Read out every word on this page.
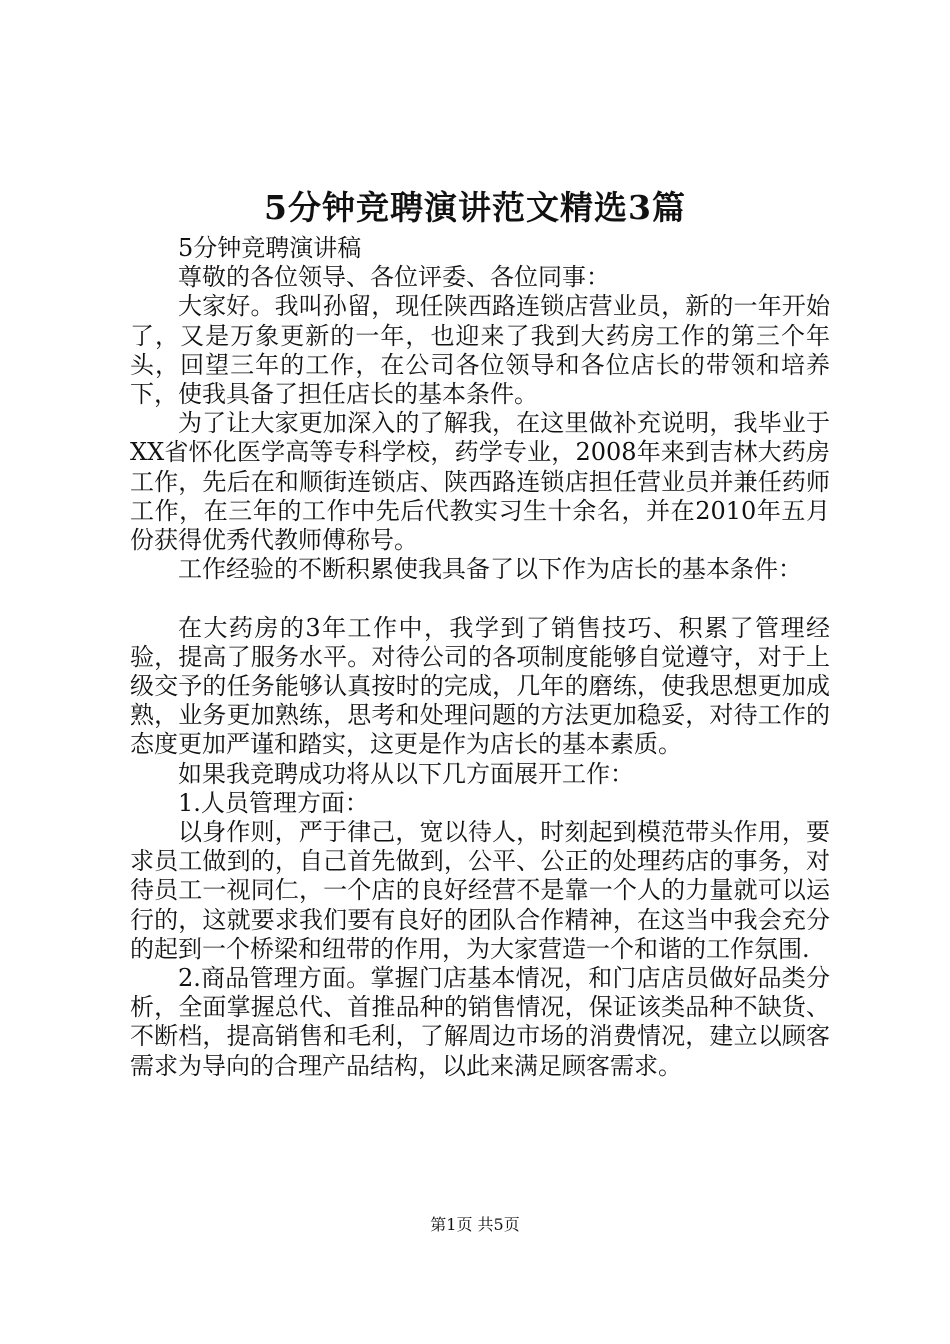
5分钟竞聘演讲范文精选3篇

5分钟竞聘演讲稿

尊敬的各位领导、各位评委、各位同事：

大家好。我叫孙留，现任陕西路连锁店营业员，新的一年开始了，又是万象更新的一年，也迎来了我到大药房工作的第三个年头，回望三年的工作，在公司各位领导和各位店长的带领和培养下，使我具备了担任店长的基本条件。

为了让大家更加深入的了解我，在这里做补充说明，我毕业于XX省怀化医学高等专科学校，药学专业，2008年来到吉林大药房工作，先后在和顺街连锁店、陕西路连锁店担任营业员并兼任药师工作，在三年的工作中先后代教实习生十余名，并在2010年五月份获得优秀代教师傅称号。

工作经验的不断积累使我具备了以下作为店长的基本条件：

在大药房的3年工作中，我学到了销售技巧、积累了管理经验，提高了服务水平。对待公司的各项制度能够自觉遵守，对于上级交予的任务能够认真按时的完成，几年的磨练，使我思想更加成熟，业务更加熟练，思考和处理问题的方法更加稳妥，对待工作的态度更加严谨和踏实，这更是作为店长的基本素质。

如果我竞聘成功将从以下几方面展开工作：

1.人员管理方面：

以身作则，严于律己，宽以待人，时刻起到模范带头作用，要求员工做到的，自己首先做到，公平、公正的处理药店的事务，对待员工一视同仁，一个店的良好经营不是靠一个人的力量就可以运行的，这就要求我们要有良好的团队合作精神，在这当中我会充分的起到一个桥梁和纽带的作用，为大家营造一个和谐的工作氛围.

2.商品管理方面。掌握门店基本情况，和门店店员做好品类分析，全面掌握总代、首推品种的销售情况，保证该类品种不缺货、不断档，提高销售和毛利，了解周边市场的消费情况，建立以顾客需求为导向的合理产品结构，以此来满足顾客需求。

第1页 共5页
